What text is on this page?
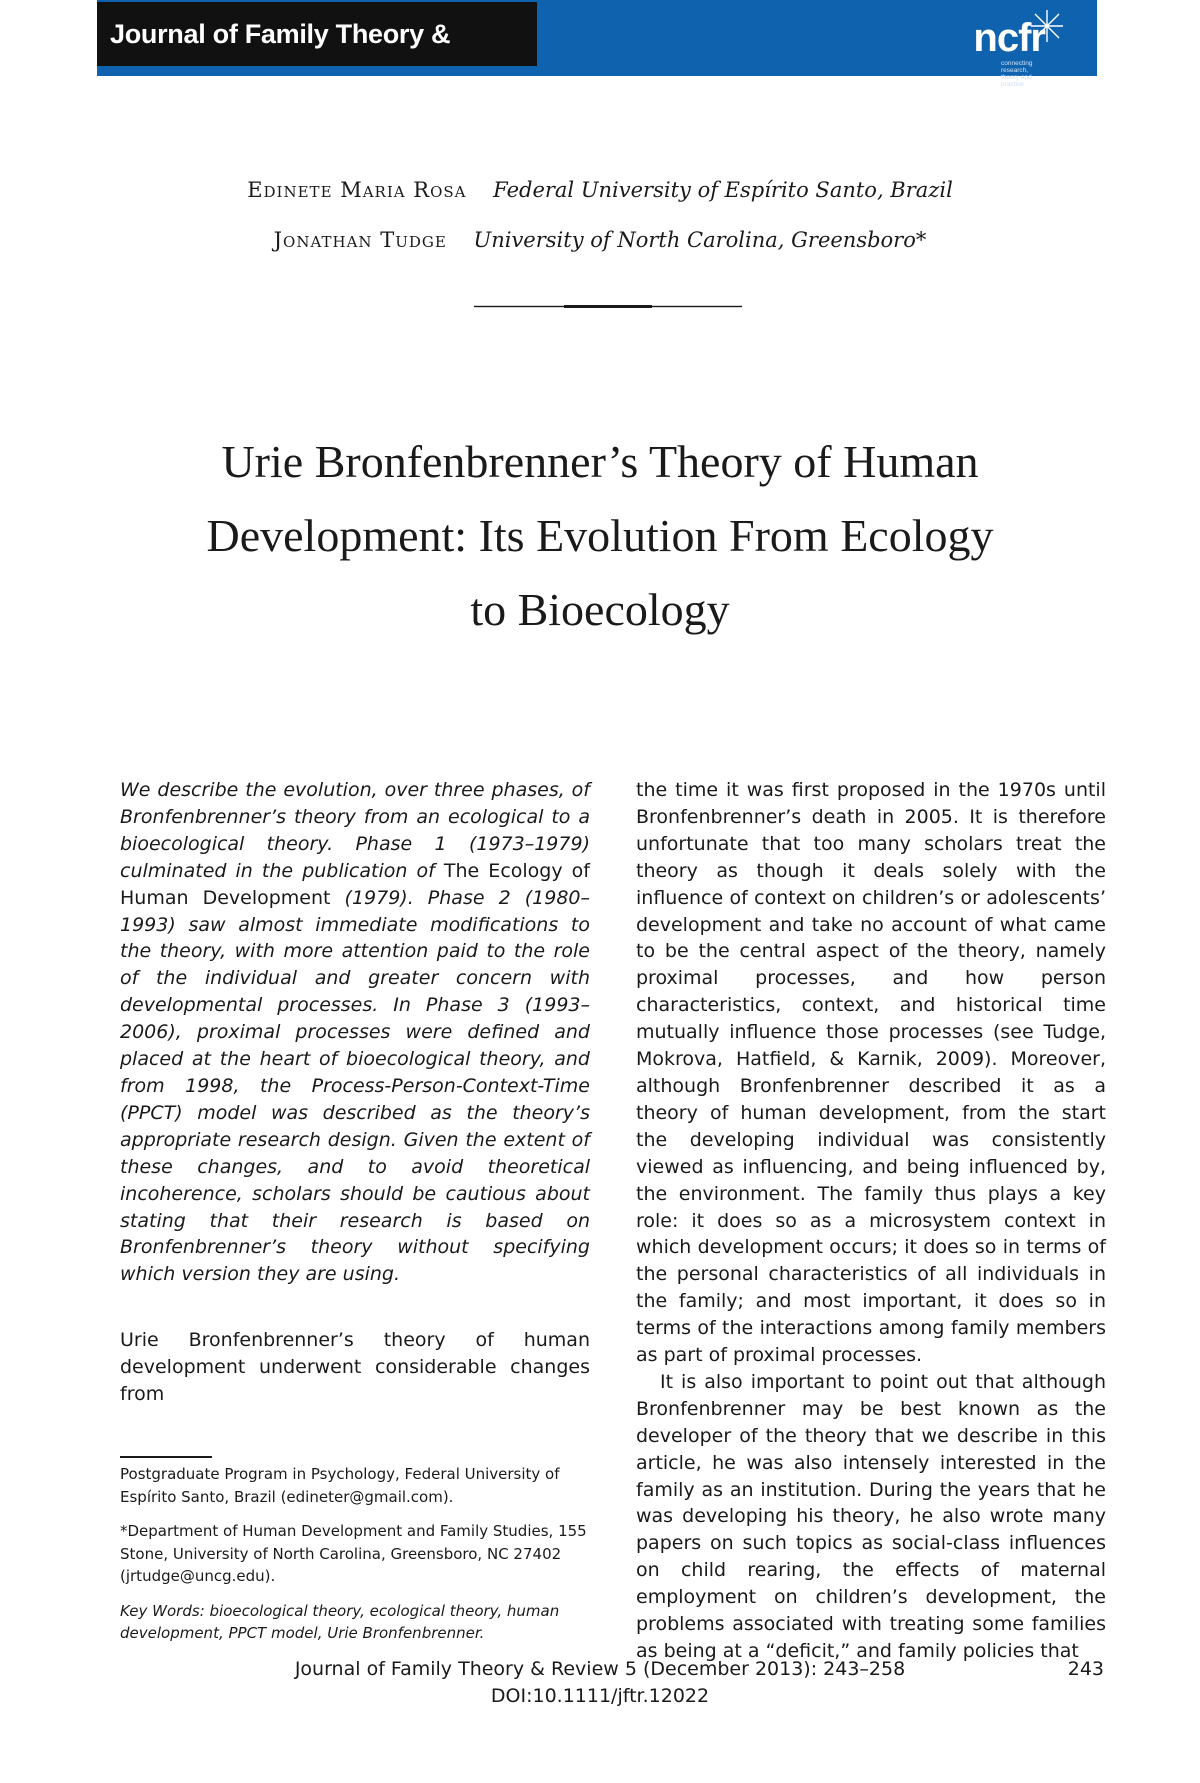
Journal of Family Theory & Review
ncfr
connecting research, theory and practice
Edinete Maria Rosa Federal University of Espírito Santo, Brazil
Jonathan Tudge University of North Carolina, Greensboro*
Urie Bronfenbrenner’s Theory of Human
Development: Its Evolution From Ecology
to Bioecology

We describe the evolution, over three phases, of Bronfenbrenner’s theory from an ecological to a bioecological theory. Phase 1 (1973–1979) culminated in the publication of The Ecology of Human Development (1979). Phase 2 (1980–1993) saw almost immediate modifications to the theory, with more attention paid to the role of the individual and greater concern with developmental processes. In Phase 3 (1993–2006), proximal processes were defined and placed at the heart of bioecological theory, and from 1998, the Process-Person-Context-Time (PPCT) model was described as the theory’s appropriate research design. Given the extent of these changes, and to avoid theoretical incoherence, scholars should be cautious about stating that their research is based on Bronfenbrenner’s theory without specifying which version they are using.

Urie Bronfenbrenner’s theory of human development underwent considerable changes from

the time it was first proposed in the 1970s until Bronfenbrenner’s death in 2005. It is therefore unfortunate that too many scholars treat the theory as though it deals solely with the influence of context on children’s or adolescents’ development and take no account of what came to be the central aspect of the theory, namely proximal processes, and how person characteristics, context, and historical time mutually influence those processes (see Tudge, Mokrova, Hatfield, & Karnik, 2009). Moreover, although Bronfenbrenner described it as a theory of human development, from the start the developing individual was consistently viewed as influencing, and being influenced by, the environment. The family thus plays a key role: it does so as a microsystem context in which development occurs; it does so in terms of the personal characteristics of all individuals in the family; and most important, it does so in terms of the interactions among family members as part of proximal processes.

It is also important to point out that although Bronfenbrenner may be best known as the developer of the theory that we describe in this article, he was also intensely interested in the family as an institution. During the years that he was developing his theory, he also wrote many papers on such topics as social-class influences on child rearing, the effects of maternal employment on children’s development, the problems associated with treating some families as being at a “deficit,” and family policies that

Postgraduate Program in Psychology, Federal University of Espírito Santo, Brazil (edineter@gmail.com).

*Department of Human Development and Family Studies, 155 Stone, University of North Carolina, Greensboro, NC 27402 (jrtudge@uncg.edu).

Key Words: bioecological theory, ecological theory, human development, PPCT model, Urie Bronfenbrenner.

Journal of Family Theory & Review 5 (December 2013): 243–258
DOI:10.1111/jftr.12022
243
